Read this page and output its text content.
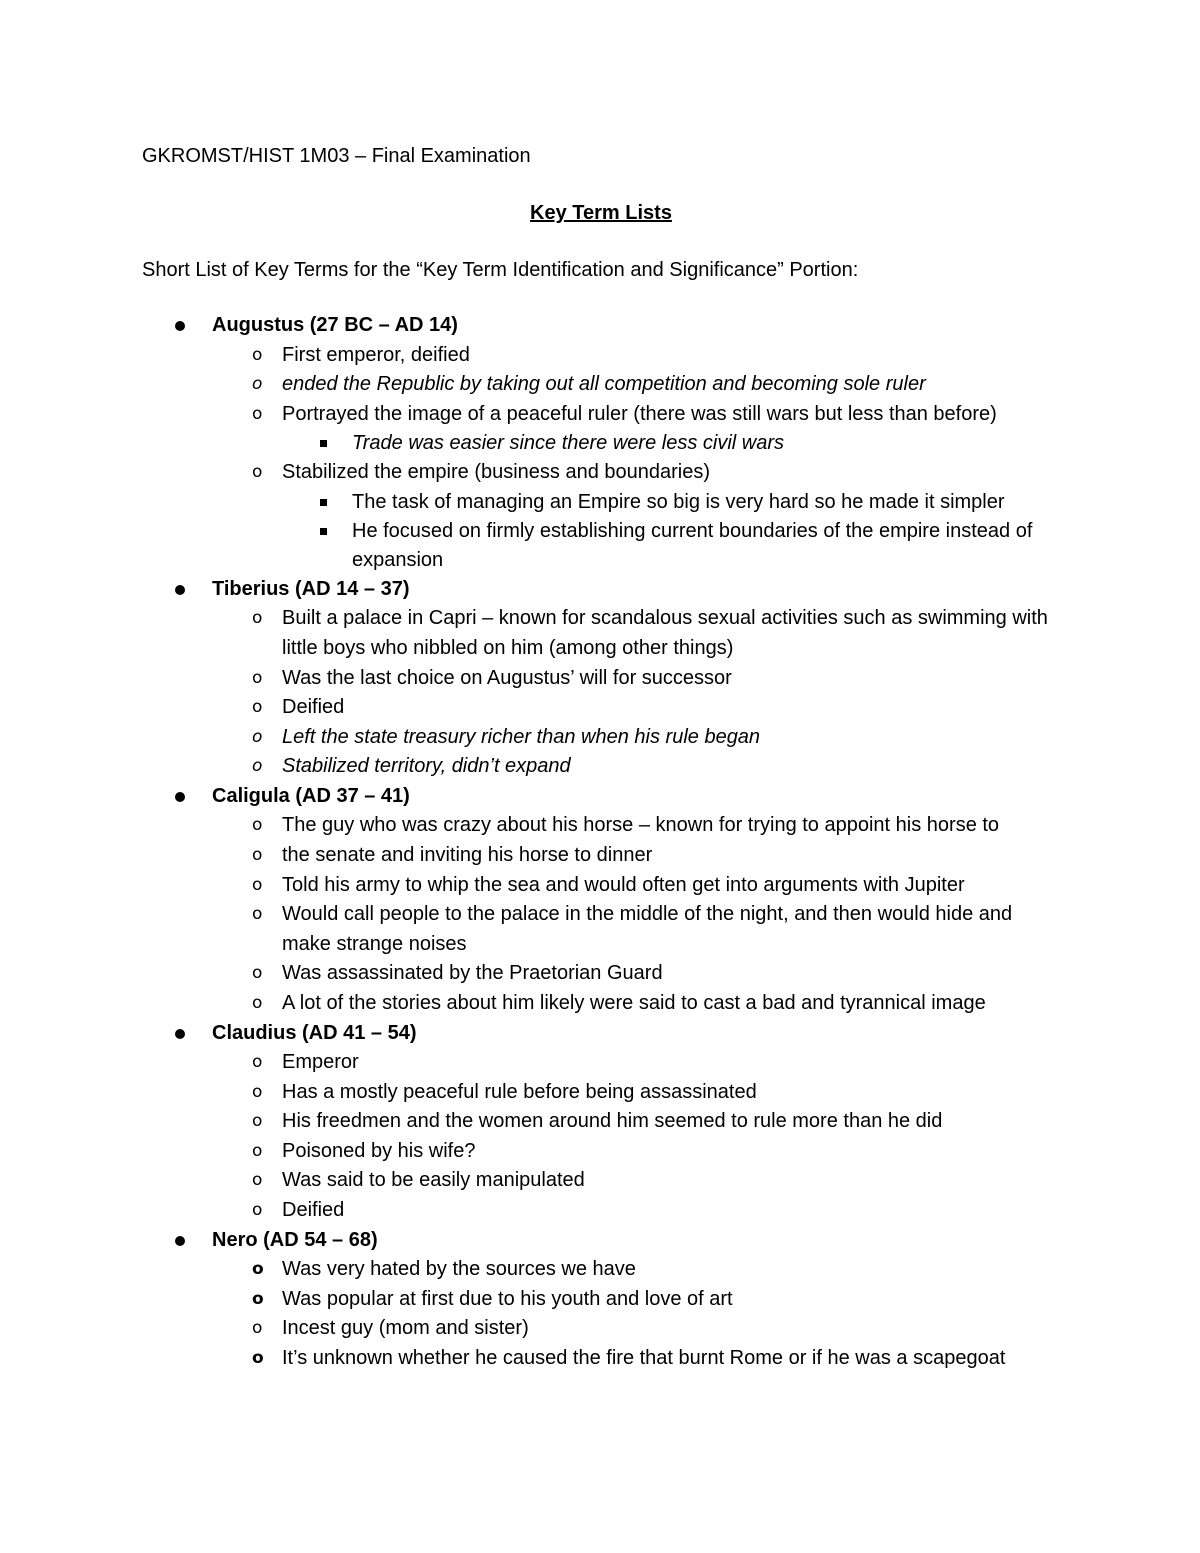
GKROMST/HIST 1M03 – Final Examination

Key Term Lists
Short List of Key Terms for the “Key Term Identification and Significance” Portion:
Augustus (27 BC – AD 14)
o First emperor, deified
o ended the Republic by taking out all competition and becoming sole ruler
o Portrayed the image of a peaceful ruler (there was still wars but less than before)
Trade was easier since there were less civil wars
o Stabilized the empire (business and boundaries)
The task of managing an Empire so big is very hard so he made it simpler
He focused on firmly establishing current boundaries of the empire instead of expansion
Tiberius (AD 14 – 37)
o Built a palace in Capri – known for scandalous sexual activities such as swimming with little boys who nibbled on him (among other things)
o Was the last choice on Augustus’ will for successor
o Deified
o Left the state treasury richer than when his rule began
o Stabilized territory, didn’t expand
Caligula (AD 37 – 41)
o The guy who was crazy about his horse – known for trying to appoint his horse to
o the senate and inviting his horse to dinner
o Told his army to whip the sea and would often get into arguments with Jupiter
o Would call people to the palace in the middle of the night, and then would hide and make strange noises
o Was assassinated by the Praetorian Guard
o A lot of the stories about him likely were said to cast a bad and tyrannical image
Claudius (AD 41 – 54)
o Emperor
o Has a mostly peaceful rule before being assassinated
o His freedmen and the women around him seemed to rule more than he did
o Poisoned by his wife?
o Was said to be easily manipulated
o Deified
Nero (AD 54 – 68)
o Was very hated by the sources we have
o Was popular at first due to his youth and love of art
o Incest guy (mom and sister)
o It’s unknown whether he caused the fire that burnt Rome or if he was a scapegoat
